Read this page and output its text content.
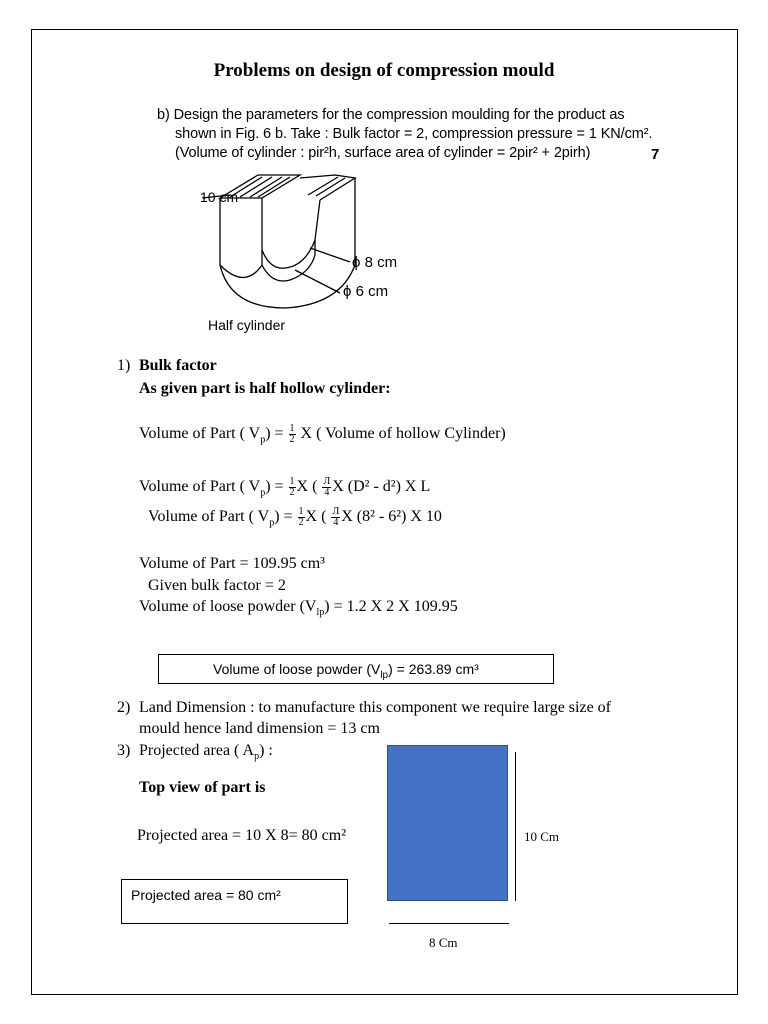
Problems on design of compression mould
b) Design the parameters for the compression moulding for the product as
shown in Fig. 6 b. Take : Bulk factor = 2, compression pressure = 1 KN/cm².
(Volume of cylinder : pir²h, surface area of cylinder = 2pir² + 2pirh)	7
10 cm
ϕ 8 cm
ϕ 6 cm
Half cylinder
1) Bulk factor
As given part is half hollow cylinder:
Volume of Part ( $V_p) = \frac{1}{2}$ X ( Volume of hollow Cylinder)
Volume of Part ( $V_p) = \frac{1}{2}$ X ( $\frac{Л}{4}$ X (D² - d²) X L
Volume of Part ( $V_p) = \frac{1}{2}$ X ( $\frac{Л}{4}$ X (8² - 6²) X 10
Volume of Part = 109.95 cm³
Given bulk factor = 2
Volume of loose powder $(V_{lp}) = 1.2$ X 2 X 109.95
Volume of loose powder $(V_{lp}) = 263.89$ cm³
2) Land Dimension : to manufacture this component we require large size of
mould hence land dimension = 13 cm
3) Projected area ( $A_p$) :
Top view of part is
Projected area = 10 X 8= 80 cm²
Projected area = 80 cm²
10 Cm
8 Cm
